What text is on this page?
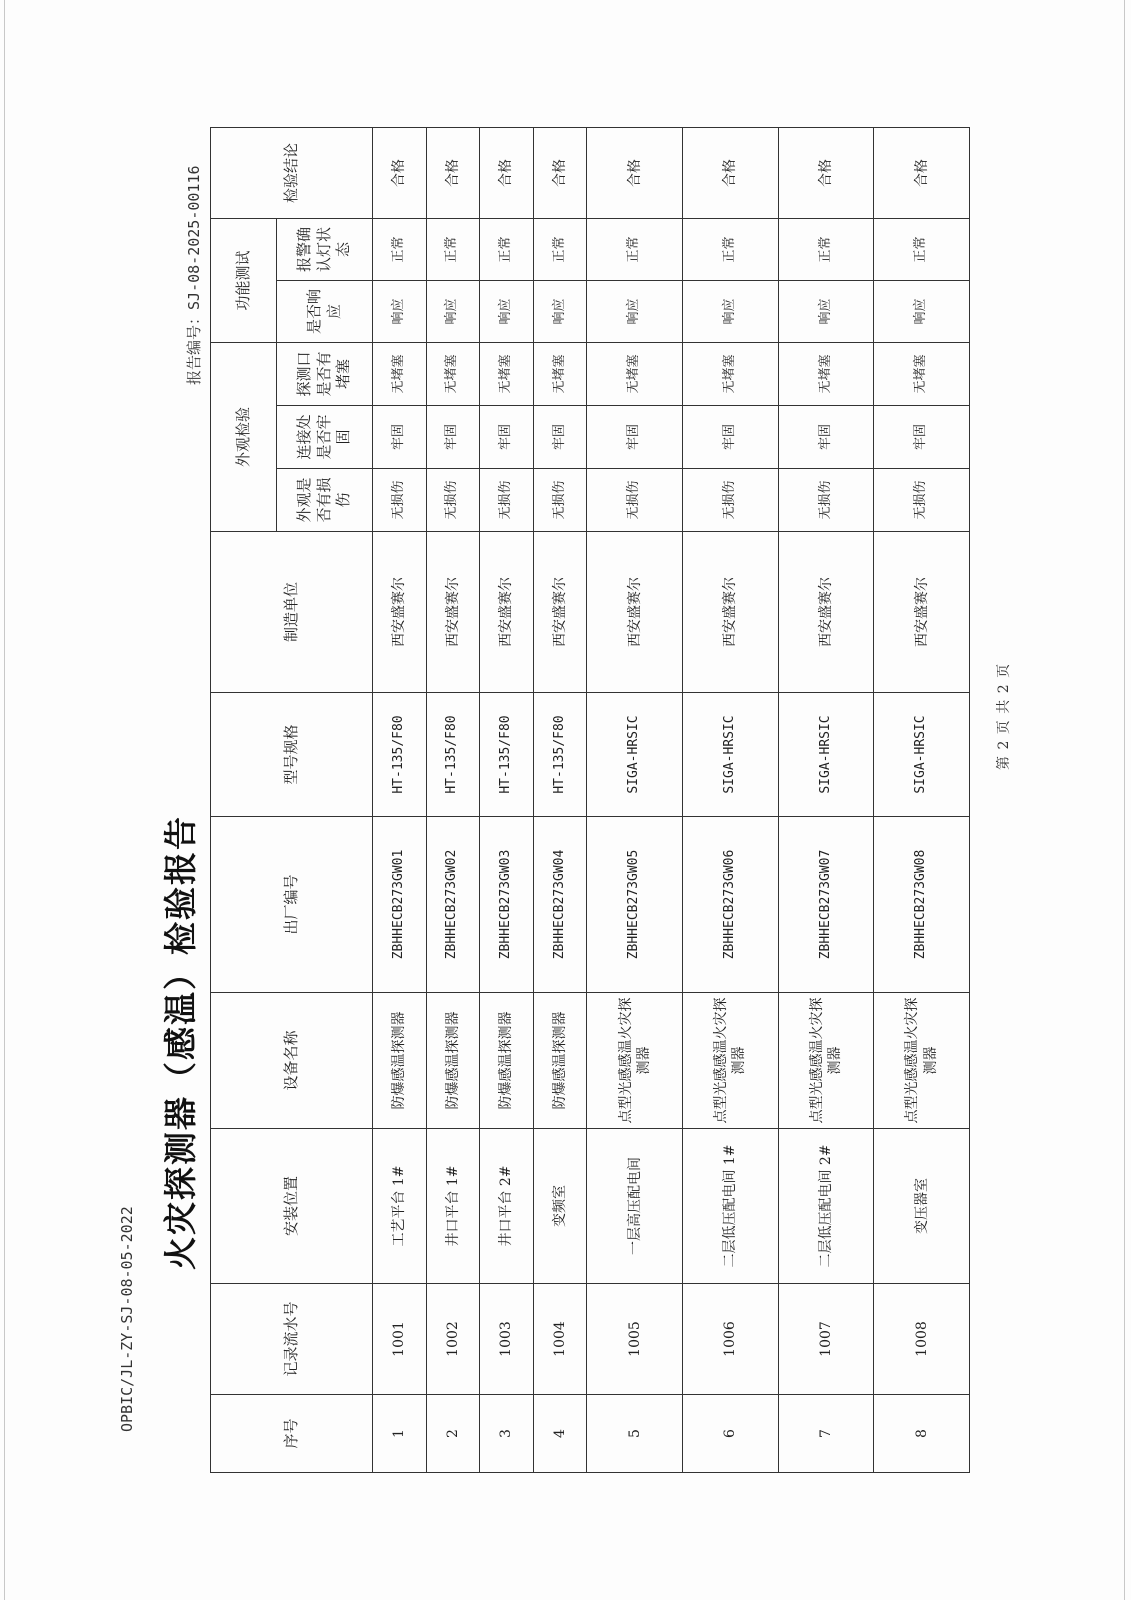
OPBIC/JL-ZY-SJ-08-05-2022
火灾探测器（感温）检验报告
报告编号：SJ-08-2025-00116
序号	记录流水号	安装位置	设备名称	出厂编号	型号规格	制造单位	外观检验			功能测试		检验结论
							外观是否有损伤	连接处是否牢固	探测口是否有堵塞	是否响应	报警确认灯状态	
1	1001	工艺平台 1#	防爆感温探测器	ZBHHECB273GW01	HT-135/F80	西安盛赛尔	无损伤	牢固	无堵塞	响应	正常	合格
2	1002	井口平台 1#	防爆感温探测器	ZBHHECB273GW02	HT-135/F80	西安盛赛尔	无损伤	牢固	无堵塞	响应	正常	合格
3	1003	井口平台 2#	防爆感温探测器	ZBHHECB273GW03	HT-135/F80	西安盛赛尔	无损伤	牢固	无堵塞	响应	正常	合格
4	1004	变频室	防爆感温探测器	ZBHHECB273GW04	HT-135/F80	西安盛赛尔	无损伤	牢固	无堵塞	响应	正常	合格
5	1005	一层高压配电间	点型光感感温火灾探测器	ZBHHECB273GW05	SIGA-HRSIC	西安盛赛尔	无损伤	牢固	无堵塞	响应	正常	合格
6	1006	二层低压配电间 1#	点型光感感温火灾探测器	ZBHHECB273GW06	SIGA-HRSIC	西安盛赛尔	无损伤	牢固	无堵塞	响应	正常	合格
7	1007	二层低压配电间 2#	点型光感感温火灾探测器	ZBHHECB273GW07	SIGA-HRSIC	西安盛赛尔	无损伤	牢固	无堵塞	响应	正常	合格
8	1008	变压器室	点型光感感温火灾探测器	ZBHHECB273GW08	SIGA-HRSIC	西安盛赛尔	无损伤	牢固	无堵塞	响应	正常	合格
第 2 页 共 2 页
